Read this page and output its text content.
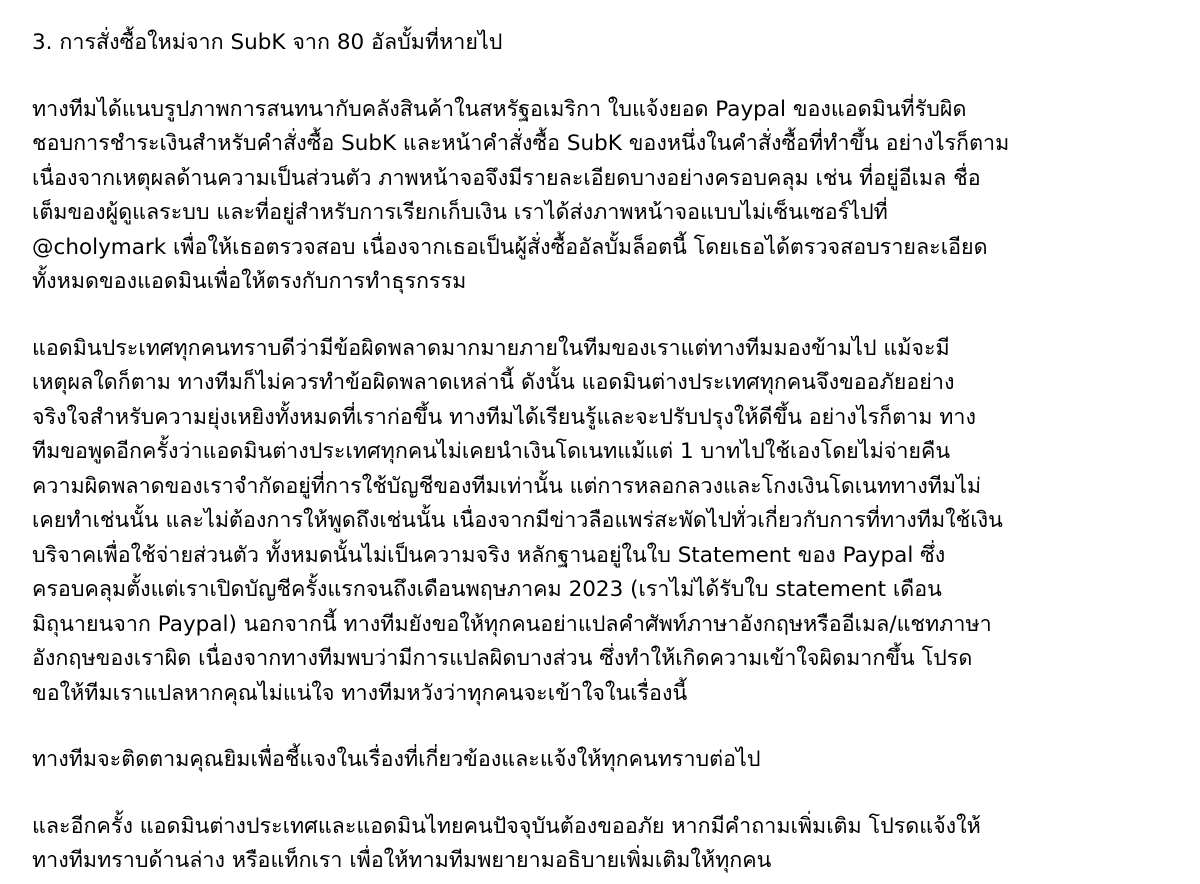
3. การสั่งซื้อใหม่จาก SubK จาก 80 อัลบั้มที่หายไป
ทางทีมได้แนบรูปภาพการสนทนากับคลังสินค้าในสหรัฐอเมริกา ใบแจ้งยอด Paypal ของแอดมินที่รับผิด
ชอบการชำระเงินสำหรับคำสั่งซื้อ SubK และหน้าคำสั่งซื้อ SubK ของหนึ่งในคำสั่งซื้อที่ทำขึ้น อย่างไรก็ตาม
เนื่องจากเหตุผลด้านความเป็นส่วนตัว ภาพหน้าจอจึงมีรายละเอียดบางอย่างครอบคลุม เช่น ที่อยู่อีเมล ชื่อ
เต็มของผู้ดูแลระบบ และที่อยู่สำหรับการเรียกเก็บเงิน เราได้ส่งภาพหน้าจอแบบไม่เซ็นเซอร์ไปที่
@cholymark เพื่อให้เธอตรวจสอบ เนื่องจากเธอเป็นผู้สั่งซื้ออัลบั้มล็อตนี้ โดยเธอได้ตรวจสอบรายละเอียด
ทั้งหมดของแอดมินเพื่อให้ตรงกับการทำธุรกรรม
แอดมินประเทศทุกคนทราบดีว่ามีข้อผิดพลาดมากมายภายในทีมของเราแต่ทางทีมมองข้ามไป แม้จะมี
เหตุผลใดก็ตาม ทางทีมก็ไม่ควรทำข้อผิดพลาดเหล่านี้ ดังนั้น แอดมินต่างประเทศทุกคนจึงขออภัยอย่าง
จริงใจสำหรับความยุ่งเหยิงทั้งหมดที่เราก่อขึ้น ทางทีมได้เรียนรู้และจะปรับปรุงให้ดีขึ้น อย่างไรก็ตาม ทาง
ทีมขอพูดอีกครั้งว่าแอดมินต่างประเทศทุกคนไม่เคยนำเงินโดเนทแม้แต่ 1 บาทไปใช้เองโดยไม่จ่ายคืน
ความผิดพลาดของเราจำกัดอยู่ที่การใช้บัญชีของทีมเท่านั้น แต่การหลอกลวงและโกงเงินโดเนททางทีมไม่
เคยทำเช่นนั้น และไม่ต้องการให้พูดถึงเช่นนั้น เนื่องจากมีข่าวลือแพร่สะพัดไปทั่วเกี่ยวกับการที่ทางทีมใช้เงิน
บริจาคเพื่อใช้จ่ายส่วนตัว ทั้งหมดนั้นไม่เป็นความจริง หลักฐานอยู่ในใบ Statement ของ Paypal ซึ่ง
ครอบคลุมตั้งแต่เราเปิดบัญชีครั้งแรกจนถึงเดือนพฤษภาคม 2023 (เราไม่ได้รับใบ statement เดือน
มิถุนายนจาก Paypal) นอกจากนี้ ทางทีมยังขอให้ทุกคนอย่าแปลคำศัพท์ภาษาอังกฤษหรืออีเมล/แชทภาษา
อังกฤษของเราผิด เนื่องจากทางทีมพบว่ามีการแปลผิดบางส่วน ซึ่งทำให้เกิดความเข้าใจผิดมากขึ้น โปรด
ขอให้ทีมเราแปลหากคุณไม่แน่ใจ ทางทีมหวังว่าทุกคนจะเข้าใจในเรื่องนี้
ทางทีมจะติดตามคุณยิมเพื่อชี้แจงในเรื่องที่เกี่ยวข้องและแจ้งให้ทุกคนทราบต่อไป
และอีกครั้ง แอดมินต่างประเทศและแอดมินไทยคนปัจจุบันต้องขออภัย หากมีคำถามเพิ่มเติม โปรดแจ้งให้
ทางทีมทราบด้านล่าง หรือแท็กเรา เพื่อให้ทามทีมพยายามอธิบายเพิ่มเติมให้ทุกคน
